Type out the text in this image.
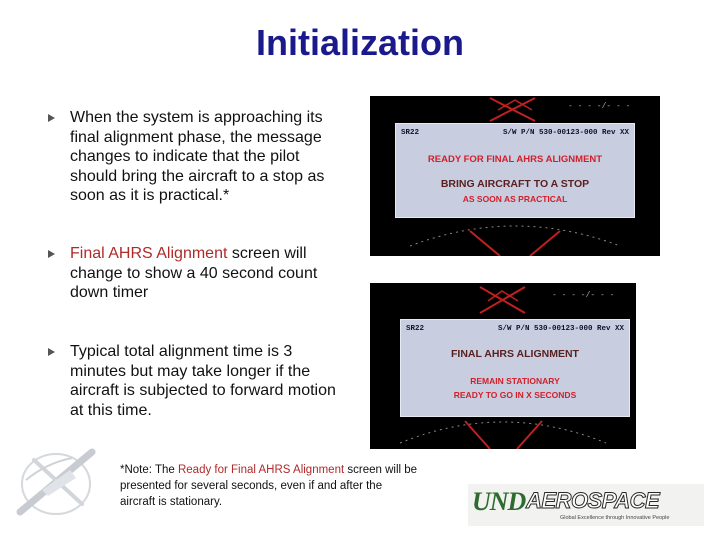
Initialization
When the system is approaching its final alignment phase, the message changes to indicate that the pilot should bring the aircraft to a stop as soon as it is practical.*
Final AHRS Alignment screen will change to show a 40 second count down timer
Typical total alignment time is 3 minutes but may take longer if the aircraft is subjected to forward motion at this time.
- - - -/- - -
SR22	S/W P/N 530-00123-000 Rev XX
READY FOR FINAL AHRS ALIGNMENT
BRING AIRCRAFT TO A STOP
AS SOON AS PRACTICAL
- - - -/- - -
SR22	S/W P/N 530-00123-000 Rev XX
FINAL AHRS ALIGNMENT
REMAIN STATIONARY
READY TO GO IN X SECONDS
*Note: The Ready for Final AHRS Alignment screen will be presented for several seconds, even if and after the aircraft is stationary.	UND AEROSPACE
Global Excellence through Innovative People
